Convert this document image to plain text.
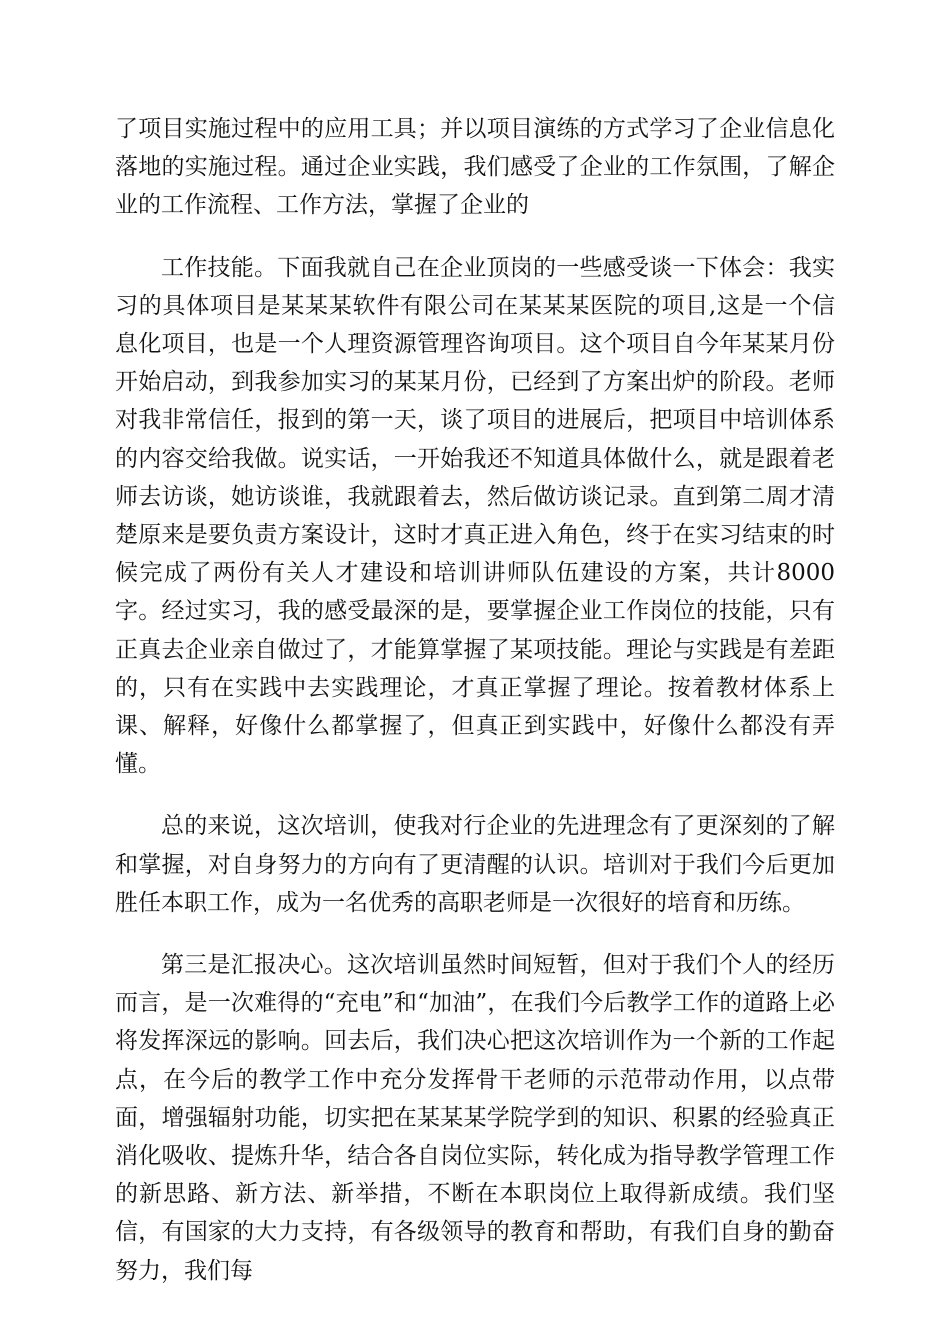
了项目实施过程中的应用工具；并以项目演练的方式学习了企业信息化落地的实施过程。通过企业实践，我们感受了企业的工作氛围，了解企业的工作流程、工作方法，掌握了企业的

工作技能。下面我就自己在企业顶岗的一些感受谈一下体会：我实习的具体项目是某某某软件有限公司在某某某医院的项目,这是一个信息化项目，也是一个人理资源管理咨询项目。这个项目自今年某某月份开始启动，到我参加实习的某某月份，已经到了方案出炉的阶段。老师对我非常信任，报到的第一天，谈了项目的进展后，把项目中培训体系的内容交给我做。说实话，一开始我还不知道具体做什么，就是跟着老师去访谈，她访谈谁，我就跟着去，然后做访谈记录。直到第二周才清楚原来是要负责方案设计，这时才真正进入角色，终于在实习结束的时候完成了两份有关人才建设和培训讲师队伍建设的方案，共计8000字。经过实习，我的感受最深的是，要掌握企业工作岗位的技能，只有正真去企业亲自做过了，才能算掌握了某项技能。理论与实践是有差距的，只有在实践中去实践理论，才真正掌握了理论。按着教材体系上课、解释，好像什么都掌握了，但真正到实践中，好像什么都没有弄懂。

总的来说，这次培训，使我对行企业的先进理念有了更深刻的了解和掌握，对自身努力的方向有了更清醒的认识。培训对于我们今后更加胜任本职工作，成为一名优秀的高职老师是一次很好的培育和历练。

第三是汇报决心。这次培训虽然时间短暂，但对于我们个人的经历而言，是一次难得的“充电”和“加油”，在我们今后教学工作的道路上必将发挥深远的影响。回去后，我们决心把这次培训作为一个新的工作起点，在今后的教学工作中充分发挥骨干老师的示范带动作用，以点带面，增强辐射功能，切实把在某某某学院学到的知识、积累的经验真正消化吸收、提炼升华，结合各自岗位实际，转化成为指导教学管理工作的新思路、新方法、新举措，不断在本职岗位上取得新成绩。我们坚信，有国家的大力支持，有各级领导的教育和帮助，有我们自身的勤奋努力，我们每
